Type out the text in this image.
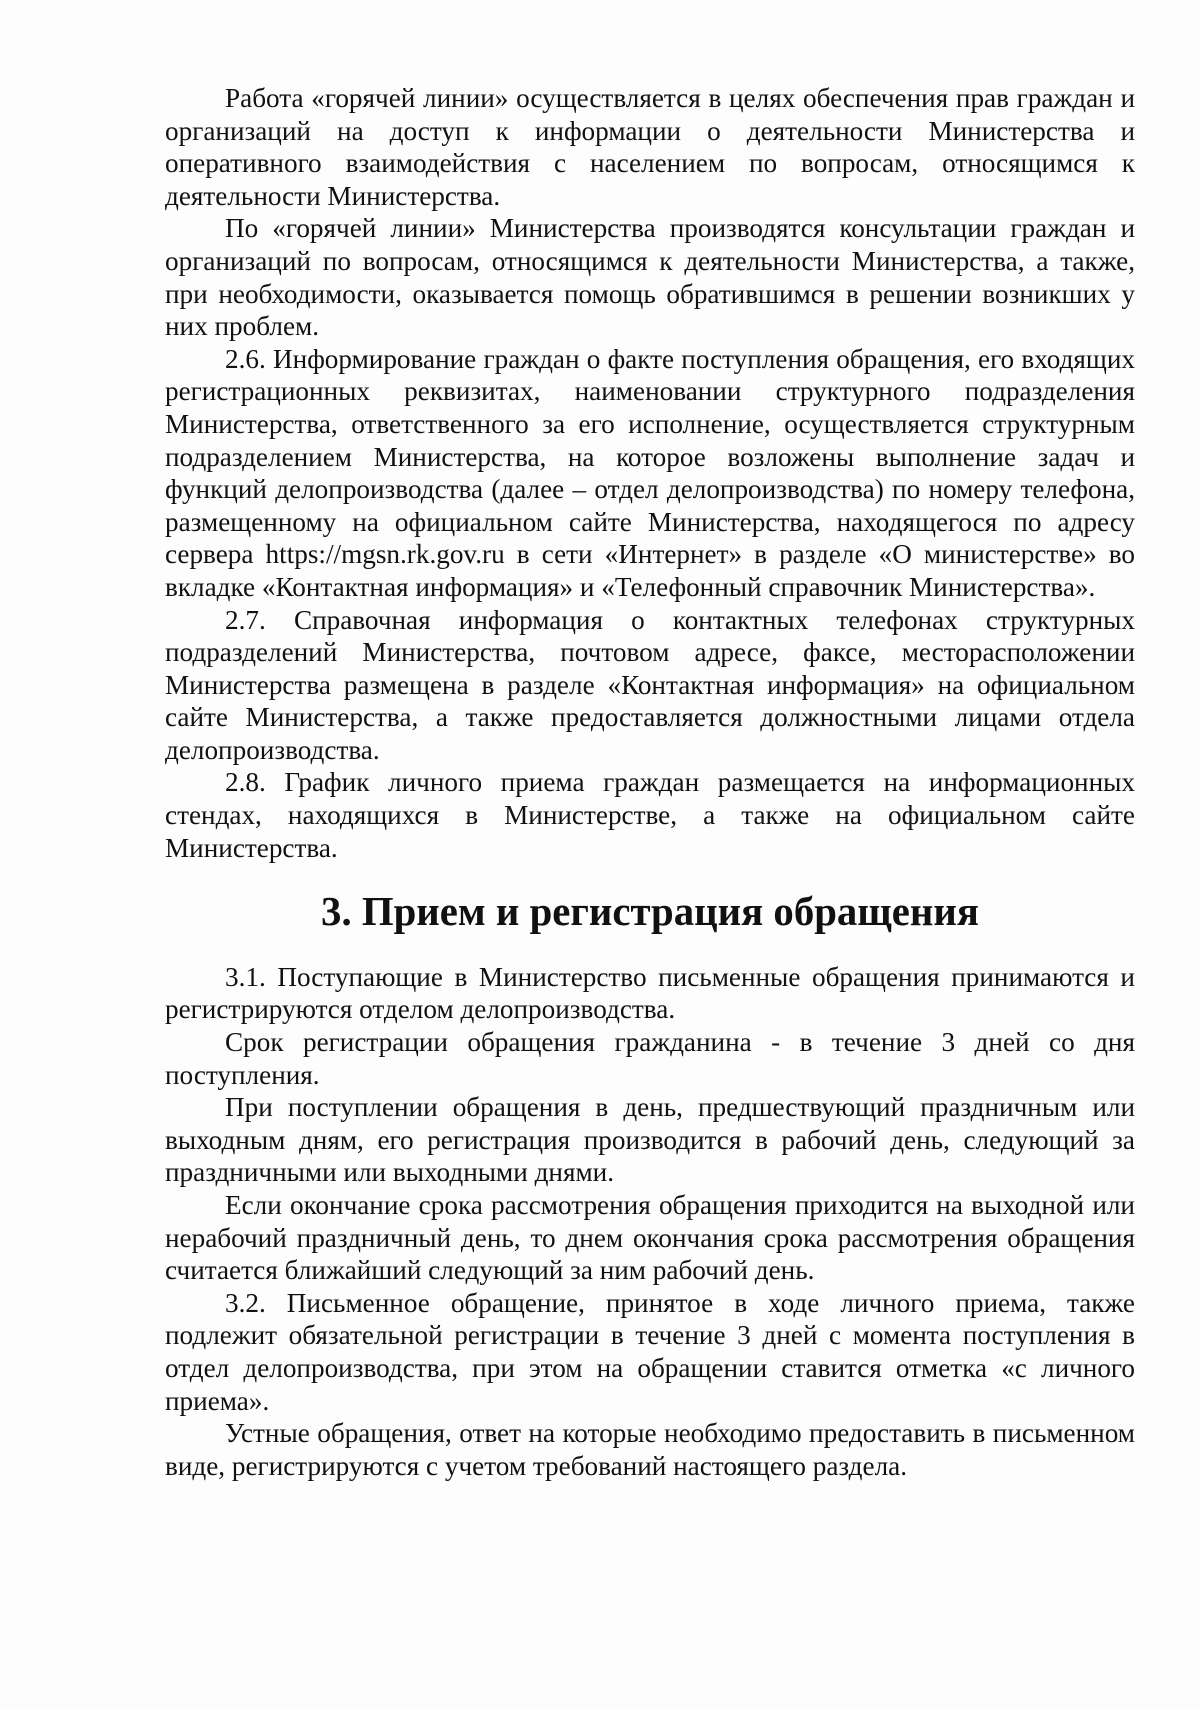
Работа «горячей линии» осуществляется в целях обеспечения прав граждан и организаций на доступ к информации о деятельности Министерства и оперативного взаимодействия с населением по вопросам, относящимся к деятельности Министерства.

По «горячей линии» Министерства производятся консультации граждан и организаций по вопросам, относящимся к деятельности Министерства, а также, при необходимости, оказывается помощь обратившимся в решении возникших у них проблем.

2.6. Информирование граждан о факте поступления обращения, его входящих регистрационных реквизитах, наименовании структурного подразделения Министерства, ответственного за его исполнение, осуществляется структурным подразделением Министерства, на которое возложены выполнение задач и функций делопроизводства (далее – отдел делопроизводства) по номеру телефона, размещенному на официальном сайте Министерства, находящегося по адресу сервера https://mgsn.rk.gov.ru в сети «Интернет» в разделе «О министерстве» во вкладке «Контактная информация» и «Телефонный справочник Министерства».

2.7. Справочная информация о контактных телефонах структурных подразделений Министерства, почтовом адресе, факсе, месторасположении Министерства размещена в разделе «Контактная информация» на официальном сайте Министерства, а также предоставляется должностными лицами отдела делопроизводства.

2.8. График личного приема граждан размещается на информационных стендах, находящихся в Министерстве, а также на официальном сайте Министерства.

3. Прием и регистрация обращения

3.1. Поступающие в Министерство письменные обращения принимаются и регистрируются отделом делопроизводства.

Срок регистрации обращения гражданина - в течение 3 дней со дня поступления.

При поступлении обращения в день, предшествующий праздничным или выходным дням, его регистрация производится в рабочий день, следующий за праздничными или выходными днями.

Если окончание срока рассмотрения обращения приходится на выходной или нерабочий праздничный день, то днем окончания срока рассмотрения обращения считается ближайший следующий за ним рабочий день.

3.2. Письменное обращение, принятое в ходе личного приема, также подлежит обязательной регистрации в течение 3 дней с момента поступления в отдел делопроизводства, при этом на обращении ставится отметка «с личного приема».

Устные обращения, ответ на которые необходимо предоставить в письменном виде, регистрируются с учетом требований настоящего раздела.
